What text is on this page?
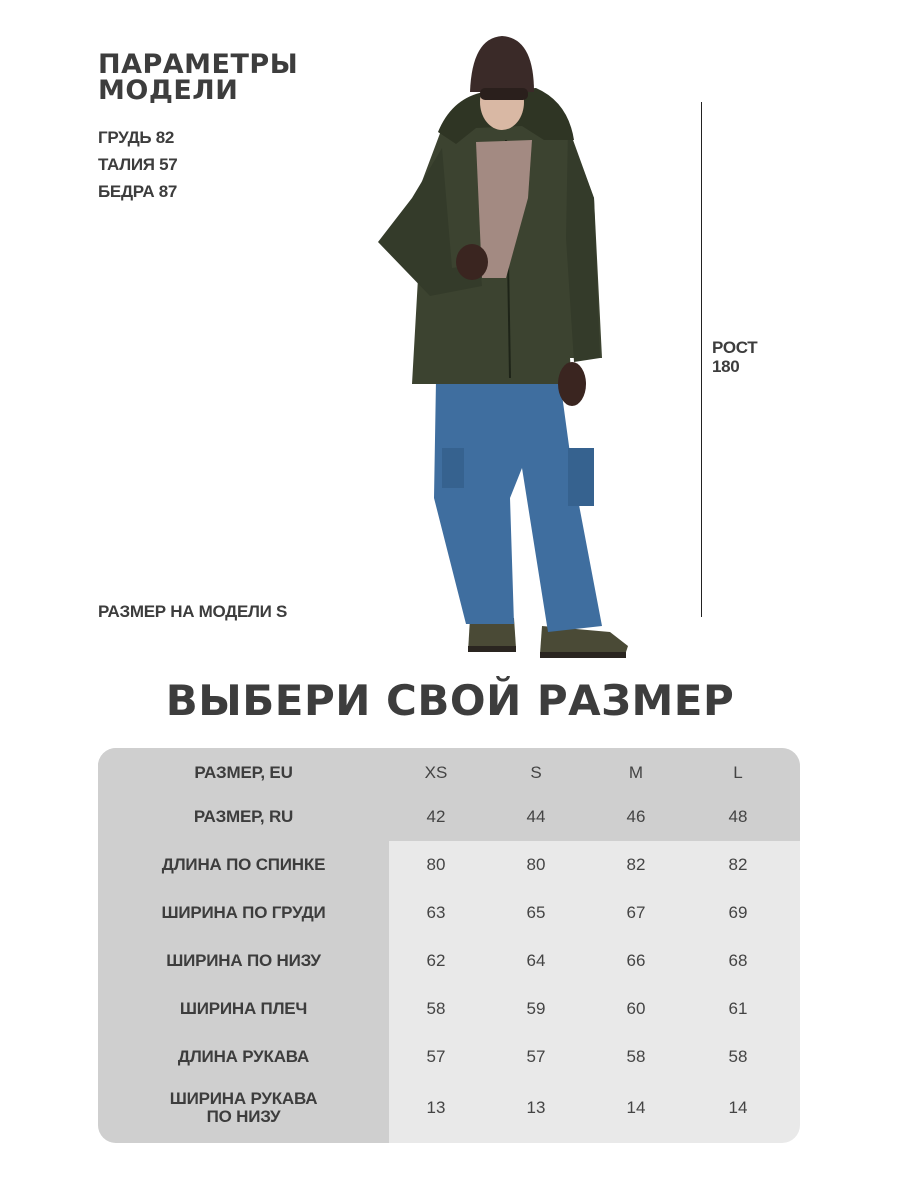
ПАРАМЕТРЫ
МОДЕЛИ
ГРУДЬ 82
ТАЛИЯ 57
БЕДРА 87
РАЗМЕР НА МОДЕЛИ S
РОСТ
180
ВЫБЕРИ СВОЙ РАЗМЕР
РАЗМЕР, EU	XS	S	M	L
РАЗМЕР, RU	42	44	46	48
ДЛИНА ПО СПИНКЕ	80	80	82	82
ШИРИНА ПО ГРУДИ	63	65	67	69
ШИРИНА ПО НИЗУ	62	64	66	68
ШИРИНА ПЛЕЧ	58	59	60	61
ДЛИНА РУКАВА	57	57	58	58
ШИРИНА РУКАВА
ПО НИЗУ	13	13	14	14
